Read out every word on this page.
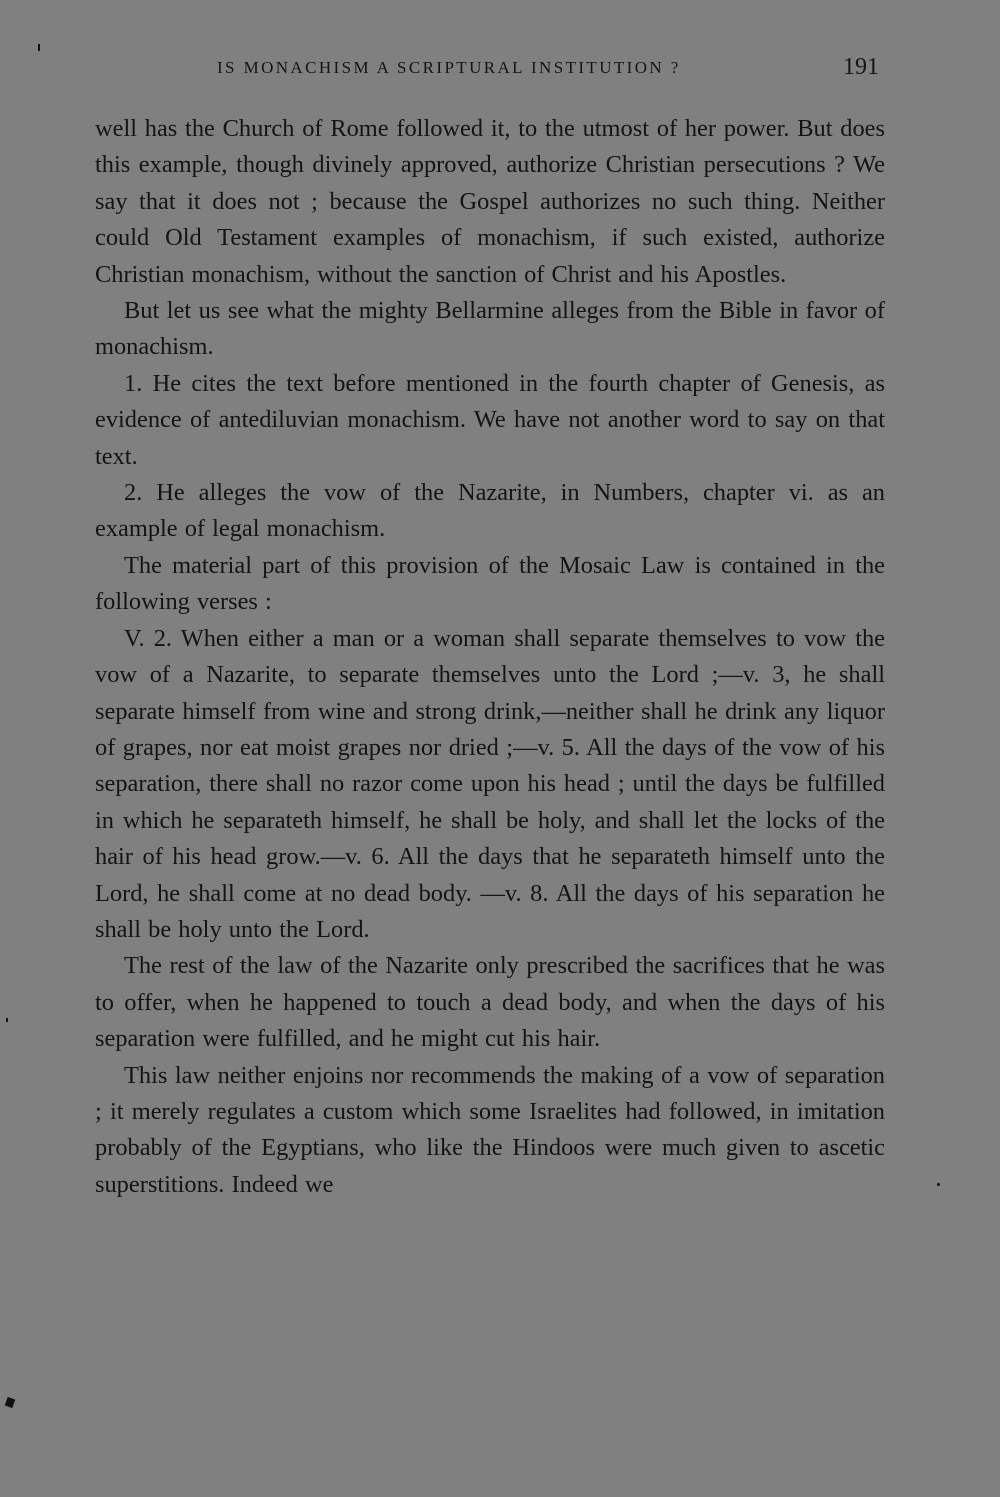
IS MONACHISM A SCRIPTURAL INSTITUTION ?	191

well has the Church of Rome followed it, to the utmost of her power. But does this example, though divinely approved, authorize Christian persecutions ? We say that it does not ; because the Gospel authorizes no such thing. Neither could Old Testament examples of monachism, if such existed, authorize Christian monachism, without the sanction of Christ and his Apostles.

But let us see what the mighty Bellarmine alleges from the Bible in favor of monachism.

1. He cites the text before mentioned in the fourth chapter of Genesis, as evidence of antediluvian monachism. We have not another word to say on that text.

2. He alleges the vow of the Nazarite, in Numbers, chapter vi. as an example of legal monachism.

The material part of this provision of the Mosaic Law is contained in the following verses :

V. 2. When either a man or a woman shall separate themselves to vow the vow of a Nazarite, to separate themselves unto the Lord ;—v. 3, he shall separate himself from wine and strong drink,—neither shall he drink any liquor of grapes, nor eat moist grapes nor dried ;—v. 5. All the days of the vow of his separation, there shall no razor come upon his head ; until the days be fulfilled in which he separateth himself, he shall be holy, and shall let the locks of the hair of his head grow.—v. 6. All the days that he separateth himself unto the Lord, he shall come at no dead body. —v. 8. All the days of his separation he shall be holy unto the Lord.

The rest of the law of the Nazarite only prescribed the sacrifices that he was to offer, when he happened to touch a dead body, and when the days of his separation were fulfilled, and he might cut his hair.

This law neither enjoins nor recommends the making of a vow of separation ; it merely regulates a custom which some Israelites had followed, in imitation probably of the Egyptians, who like the Hindoos were much given to ascetic superstitions. Indeed we
